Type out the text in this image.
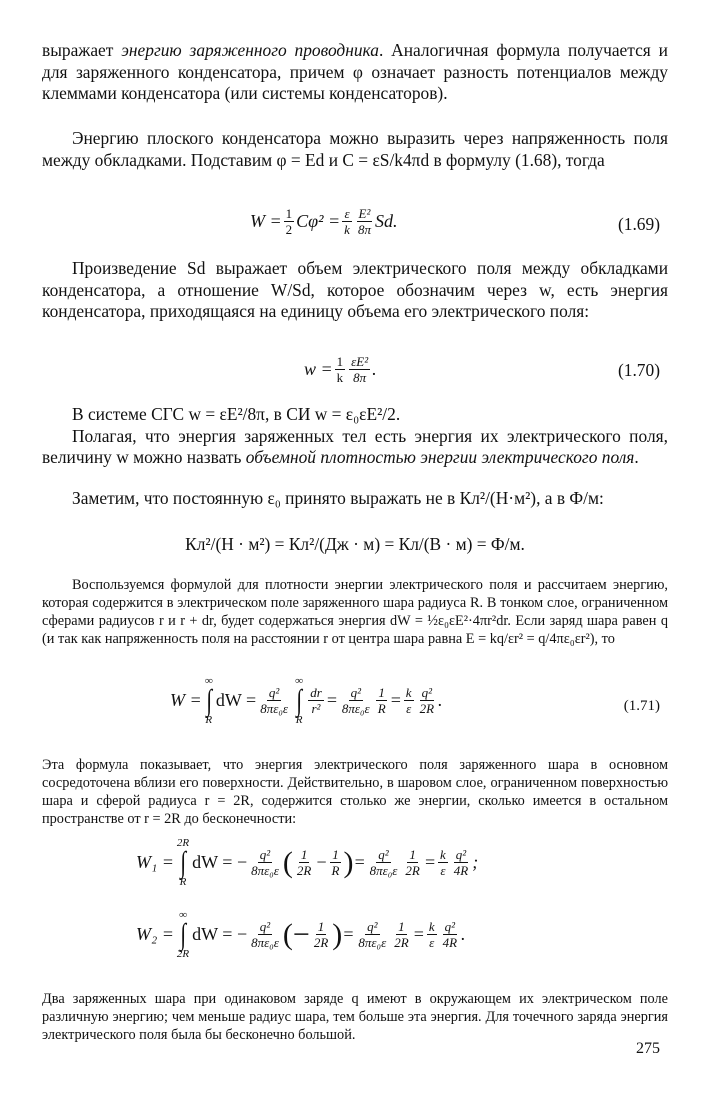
выражает энергию заряженного проводника. Аналогичная формула получается и для заряженного конденсатора, причем φ означает разность потенциалов между клеммами конденсатора (или системы конденсаторов).

Энергию плоского конденсатора можно выразить через напряженность поля между обкладками. Подставим φ = Ed и C = εS/k4πd в формулу (1.68), тогда

$W = \frac{1}{2} C\varphi^2 = \frac{\varepsilon}{k} \frac{\text{E²}}{8\pi} Sd$.	(1.69)

Произведение Sd выражает объем электрического поля между обкладками конденсатора, а отношение W/Sd, которое обозначим через w, есть энергия конденсатора, приходящаяся на единицу объема его электрического поля:

$w = \frac{1}{k} \frac{\text{εE²}}{8\pi}$ .	(1.70)

В системе СГС w = εE²/8π, в СИ w = ε₀εE²/2.

Полагая, что энергия заряженных тел есть энергия их электрического поля, величину w можно назвать объемной плотностью энергии электрического поля.

Заметим, что постоянную ε₀ принято выражать не в Кл²/(Н·м²), а в Ф/м:

Кл²/(Н · м²) = Кл²/(Дж · м) = Кл/(В · м) = Ф/м.

Воспользуемся формулой для плотности энергии электрического поля и рассчитаем энергию, которая содержится в электрическом поле заряженного шара радиуса R. В тонком слое, ограниченном сферами радиусов r и r + dr, будет содержаться энергия dW = ½ε₀εE²·4πr²dr. Если заряд шара равен q (и так как напряженность поля на расстоянии r от центра шара равна E = kq/εr² = q/4πε₀εr²), то

W =
∞
∫
R
dW = $\frac{\text{q²}}{\text{8πε₀ε}}$
∞
∫
R
$\frac{dr}{\text{r²}} = \frac{\text{q²}}{\text{8πε₀ε}} \frac{1}{R} = \frac{k}{\varepsilon} \frac{\text{q²}}{2R}$ .	(1.71)

Эта формула показывает, что энергия электрического поля заряженного шара в основном сосредоточена вблизи его поверхности. Действительно, в шаровом слое, ограниченном поверхностью шара и сферой радиуса r = 2R, содержится столько же энергии, сколько имеется в остальном пространстве от r = 2R до бесконечности:

W₁ =
2R
∫
R
dW = − $\frac{\text{q²}}{\text{8πε₀ε}}$ ( $\frac{1}{2R} - \frac{1}{R}$ ) = $\frac{\text{q²}}{\text{8πε₀ε}} \frac{1}{2R} = \frac{k}{\varepsilon} \frac{\text{q²}}{4R}$ ;
W₂ =
∞
∫
2R
dW = − $\frac{\text{q²}}{\text{8πε₀ε}}$ (− $\frac{1}{2R}$ ) = $\frac{\text{q²}}{\text{8πε₀ε}} \frac{1}{2R} = \frac{k}{\varepsilon} \frac{\text{q²}}{4R}$ .

Два заряженных шара при одинаковом заряде q имеют в окружающем их электрическом поле различную энергию; чем меньше радиус шара, тем больше эта энергия. Для точечного заряда энергия электрического поля была бы бесконечно большой.

275
